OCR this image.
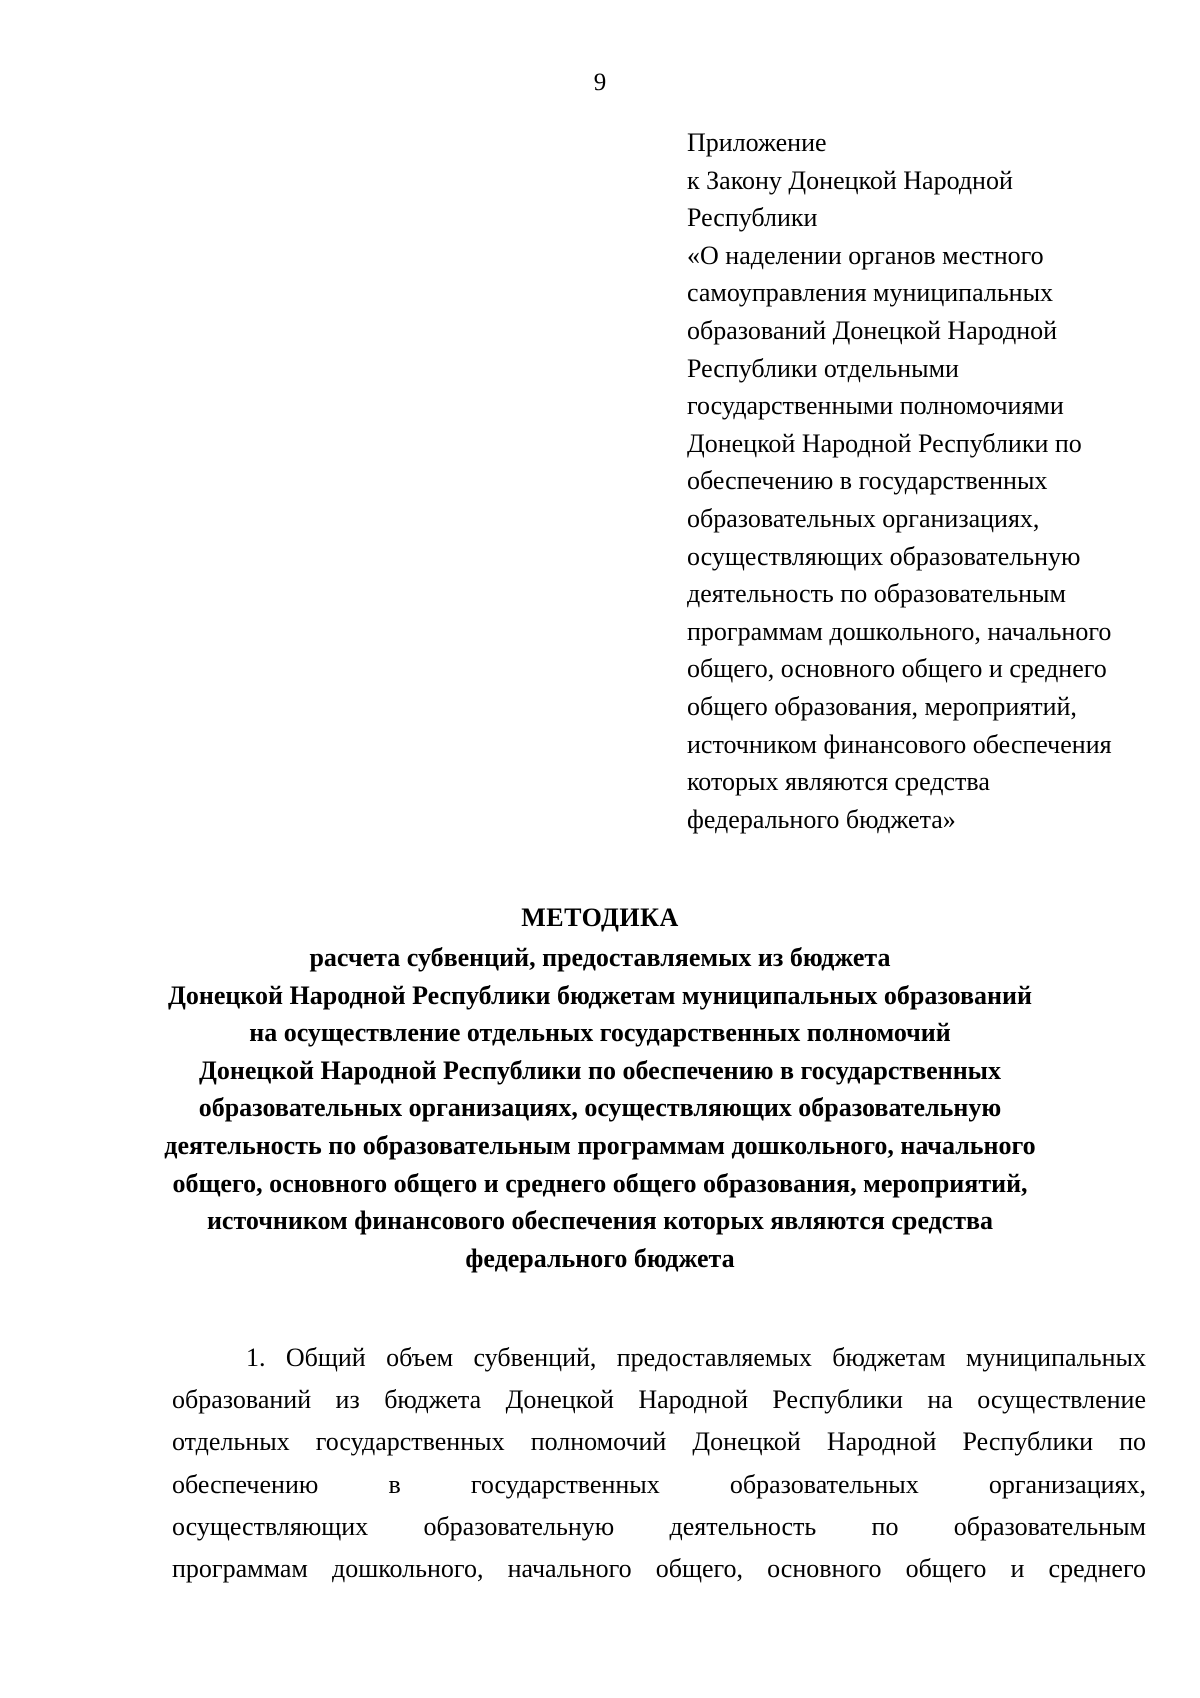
9
Приложение
к Закону Донецкой Народной
Республики
«О наделении органов местного
самоуправления муниципальных
образований Донецкой Народной
Республики отдельными
государственными полномочиями
Донецкой Народной Республики по
обеспечению в государственных
образовательных организациях,
осуществляющих образовательную
деятельность по образовательным
программам дошкольного, начального
общего, основного общего и среднего
общего образования, мероприятий,
источником финансового обеспечения
которых являются средства
федерального бюджета»
МЕТОДИКА
расчета субвенций, предоставляемых из бюджета
Донецкой Народной Республики бюджетам муниципальных образований
на осуществление отдельных государственных полномочий
Донецкой Народной Республики по обеспечению в государственных
образовательных организациях, осуществляющих образовательную
деятельность по образовательным программам дошкольного, начального
общего, основного общего и среднего общего образования, мероприятий,
источником финансового обеспечения которых являются средства
федерального бюджета
1. Общий объем субвенций, предоставляемых бюджетам муниципальных
образований из бюджета Донецкой Народной Республики на осуществление
отдельных государственных полномочий Донецкой Народной Республики по
обеспечению в государственных образовательных организациях,
осуществляющих образовательную деятельность по образовательным
программам дошкольного, начального общего, основного общего и среднего
